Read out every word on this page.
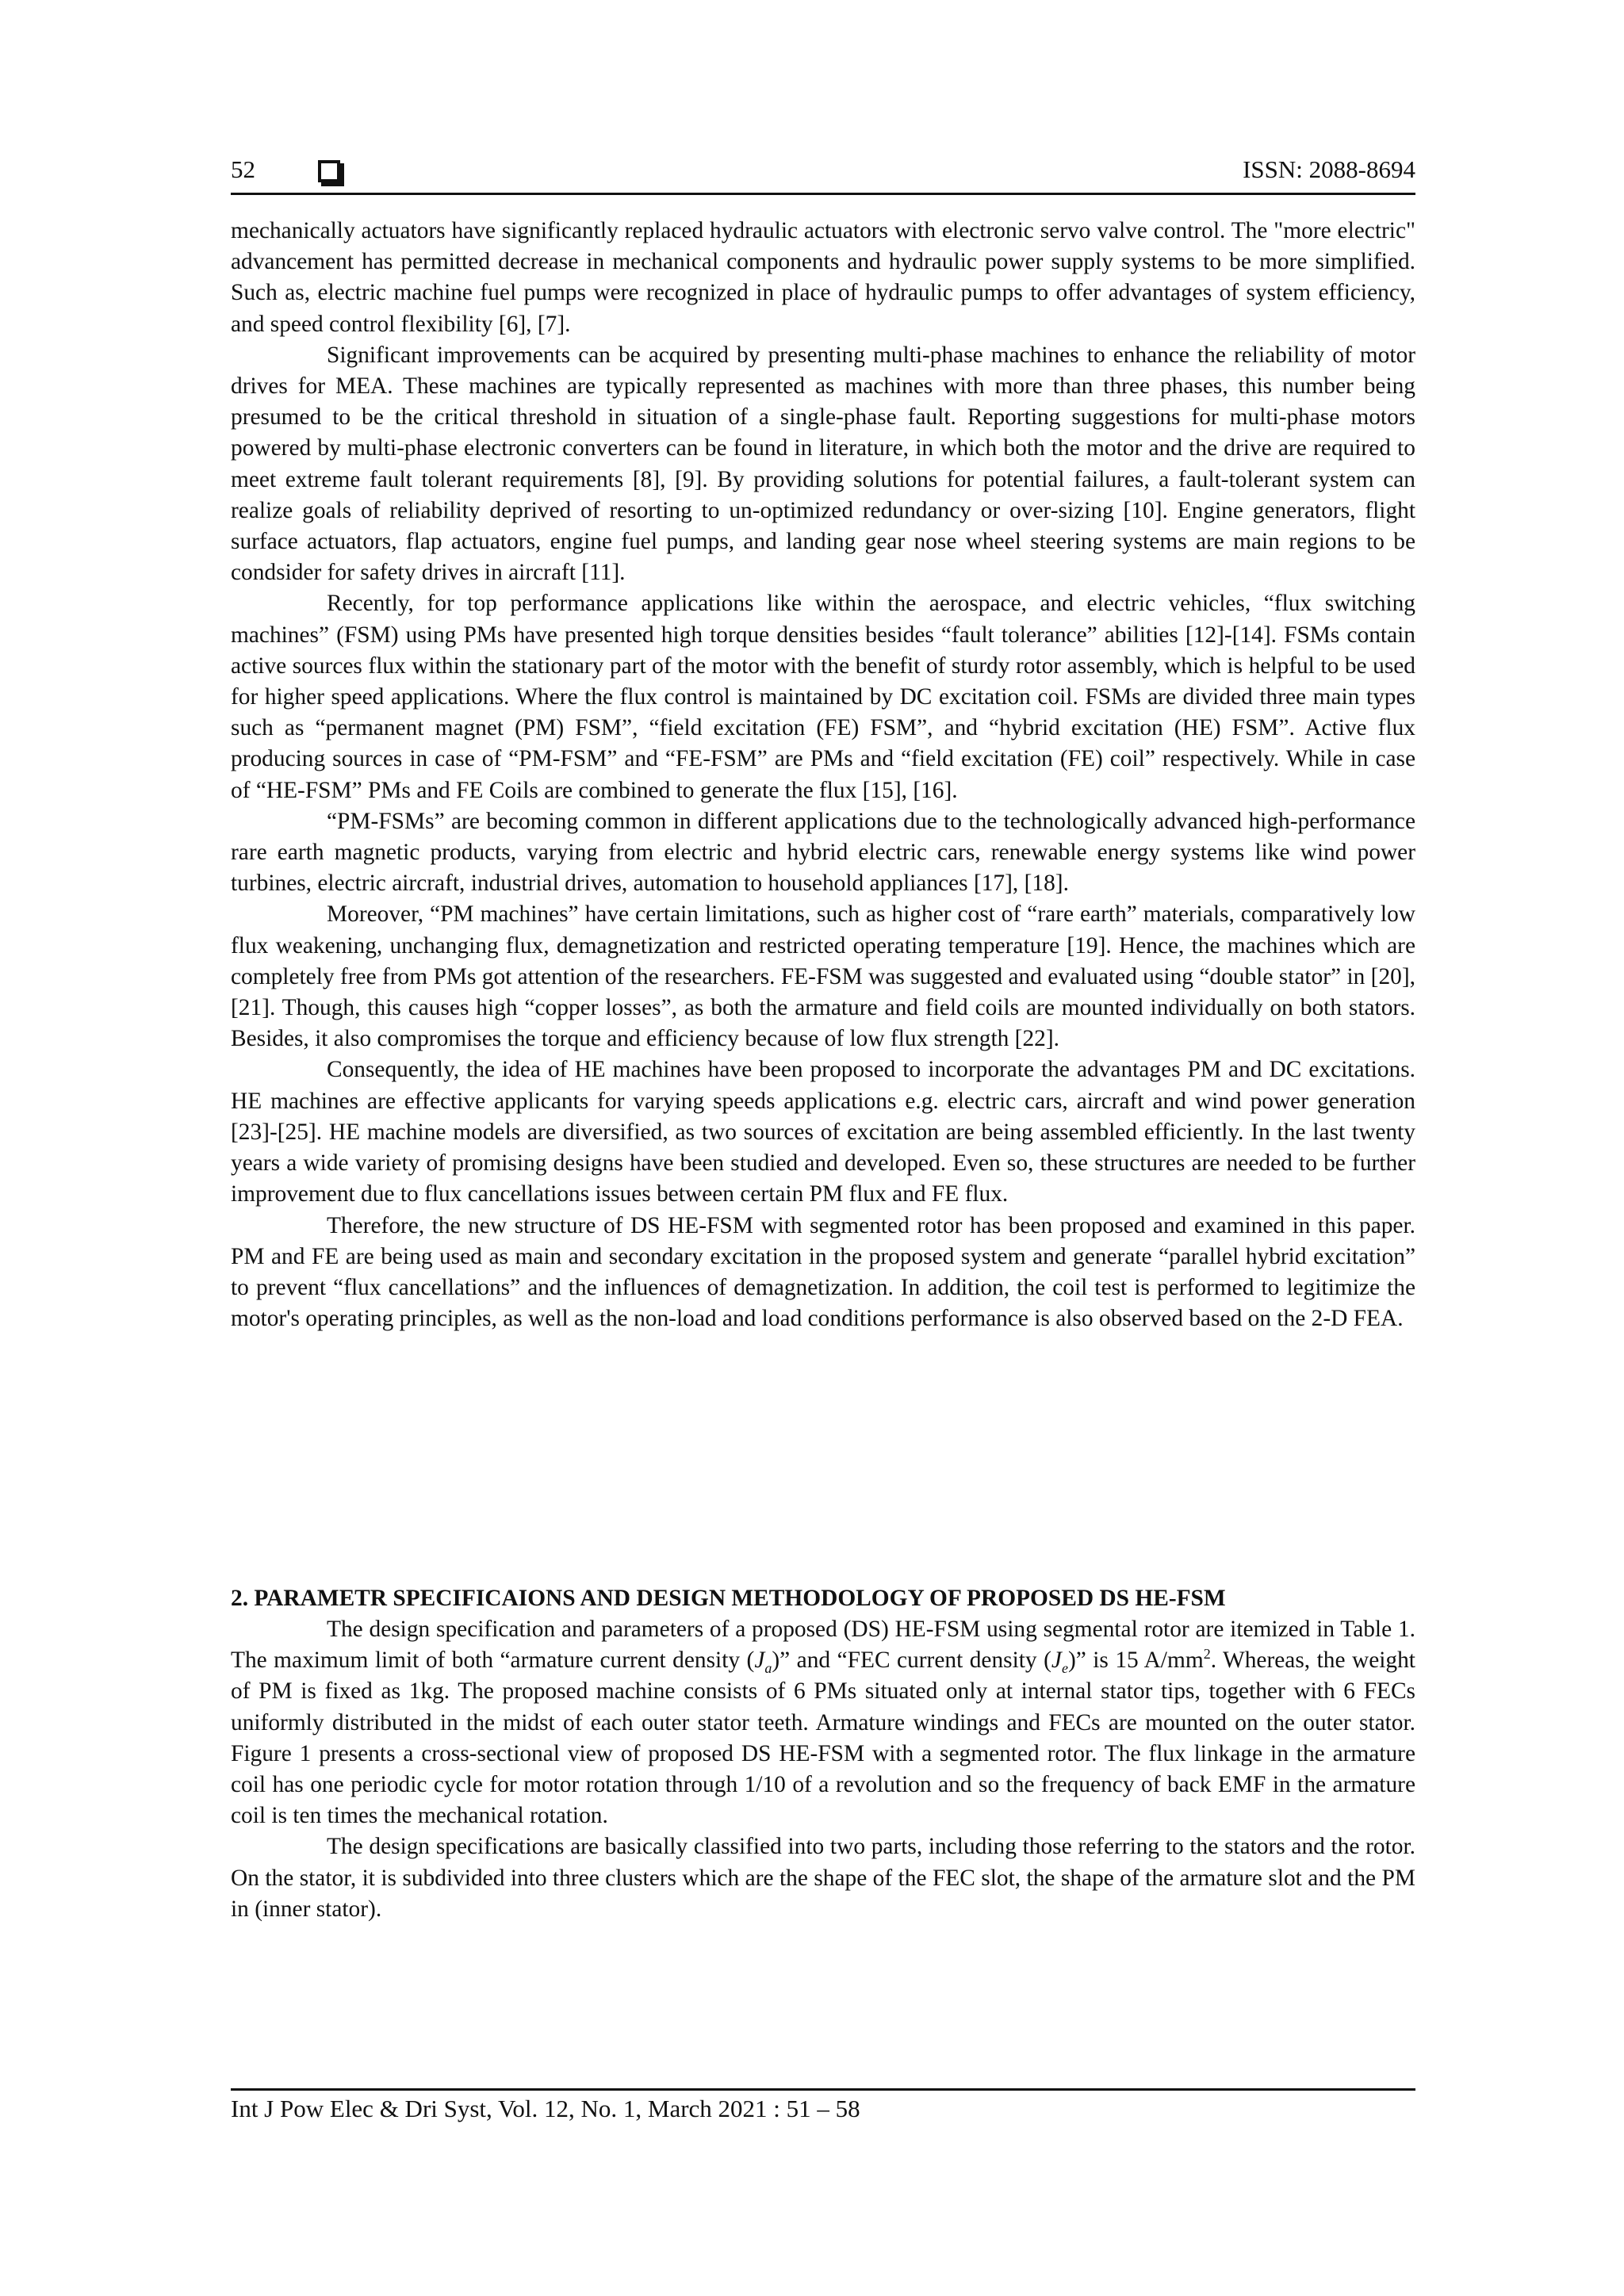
52	ISSN: 2088-8694

mechanically actuators have significantly replaced hydraulic actuators with electronic servo valve control. The "more electric" advancement has permitted decrease in mechanical components and hydraulic power supply systems to be more simplified. Such as, electric machine fuel pumps were recognized in place of hydraulic pumps to offer advantages of system efficiency, and speed control flexibility [6], [7].

Significant improvements can be acquired by presenting multi-phase machines to enhance the reliability of motor drives for MEA. These machines are typically represented as machines with more than three phases, this number being presumed to be the critical threshold in situation of a single-phase fault. Reporting suggestions for multi-phase motors powered by multi-phase electronic converters can be found in literature, in which both the motor and the drive are required to meet extreme fault tolerant requirements [8], [9]. By providing solutions for potential failures, a fault-tolerant system can realize goals of reliability deprived of resorting to un-optimized redundancy or over-sizing [10]. Engine generators, flight surface actuators, flap actuators, engine fuel pumps, and landing gear nose wheel steering systems are main regions to be condsider for safety drives in aircraft [11].

Recently, for top performance applications like within the aerospace, and electric vehicles, “flux switching machines” (FSM) using PMs have presented high torque densities besides “fault tolerance” abilities [12]-[14]. FSMs contain active sources flux within the stationary part of the motor with the benefit of sturdy rotor assembly, which is helpful to be used for higher speed applications. Where the flux control is maintained by DC excitation coil. FSMs are divided three main types such as “permanent magnet (PM) FSM”, “field excitation (FE) FSM”, and “hybrid excitation (HE) FSM”. Active flux producing sources in case of “PM-FSM” and “FE-FSM” are PMs and “field excitation (FE) coil” respectively. While in case of “HE-FSM” PMs and FE Coils are combined to generate the flux [15], [16].

“PM-FSMs” are becoming common in different applications due to the technologically advanced high-performance rare earth magnetic products, varying from electric and hybrid electric cars, renewable energy systems like wind power turbines, electric aircraft, industrial drives, automation to household appliances [17], [18].

Moreover, “PM machines” have certain limitations, such as higher cost of “rare earth” materials, comparatively low flux weakening, unchanging flux, demagnetization and restricted operating temperature [19]. Hence, the machines which are completely free from PMs got attention of the researchers. FE-FSM was suggested and evaluated using “double stator” in [20], [21]. Though, this causes high “copper losses”, as both the armature and field coils are mounted individually on both stators. Besides, it also compromises the torque and efficiency because of low flux strength [22].

Consequently, the idea of HE machines have been proposed to incorporate the advantages PM and DC excitations. HE machines are effective applicants for varying speeds applications e.g. electric cars, aircraft and wind power generation [23]-[25]. HE machine models are diversified, as two sources of excitation are being assembled efficiently. In the last twenty years a wide variety of promising designs have been studied and developed. Even so, these structures are needed to be further improvement due to flux cancellations issues between certain PM flux and FE flux.

Therefore, the new structure of DS HE-FSM with segmented rotor has been proposed and examined in this paper. PM and FE are being used as main and secondary excitation in the proposed system and generate “parallel hybrid excitation” to prevent “flux cancellations” and the influences of demagnetization. In addition, the coil test is performed to legitimize the motor's operating principles, as well as the non-load and load conditions performance is also observed based on the 2-D FEA.

2. PARAMETR SPECIFICAIONS AND DESIGN METHODOLOGY OF PROPOSED DS HE-FSM

The design specification and parameters of a proposed (DS) HE-FSM using segmental rotor are itemized in Table 1. The maximum limit of both “armature current density $(J_a)$” and “FEC current density $(J_e)$” is 15 $A/mm^2$. Whereas, the weight of PM is fixed as 1kg. The proposed machine consists of 6 PMs situated only at internal stator tips, together with 6 FECs uniformly distributed in the midst of each outer stator teeth. Armature windings and FECs are mounted on the outer stator. Figure 1 presents a cross-sectional view of proposed DS HE-FSM with a segmented rotor. The flux linkage in the armature coil has one periodic cycle for motor rotation through 1/10 of a revolution and so the frequency of back EMF in the armature coil is ten times the mechanical rotation.

The design specifications are basically classified into two parts, including those referring to the stators and the rotor. On the stator, it is subdivided into three clusters which are the shape of the FEC slot, the shape of the armature slot and the PM in (inner stator).

Int J Pow Elec & Dri Syst, Vol. 12, No. 1, March 2021 : 51 – 58
